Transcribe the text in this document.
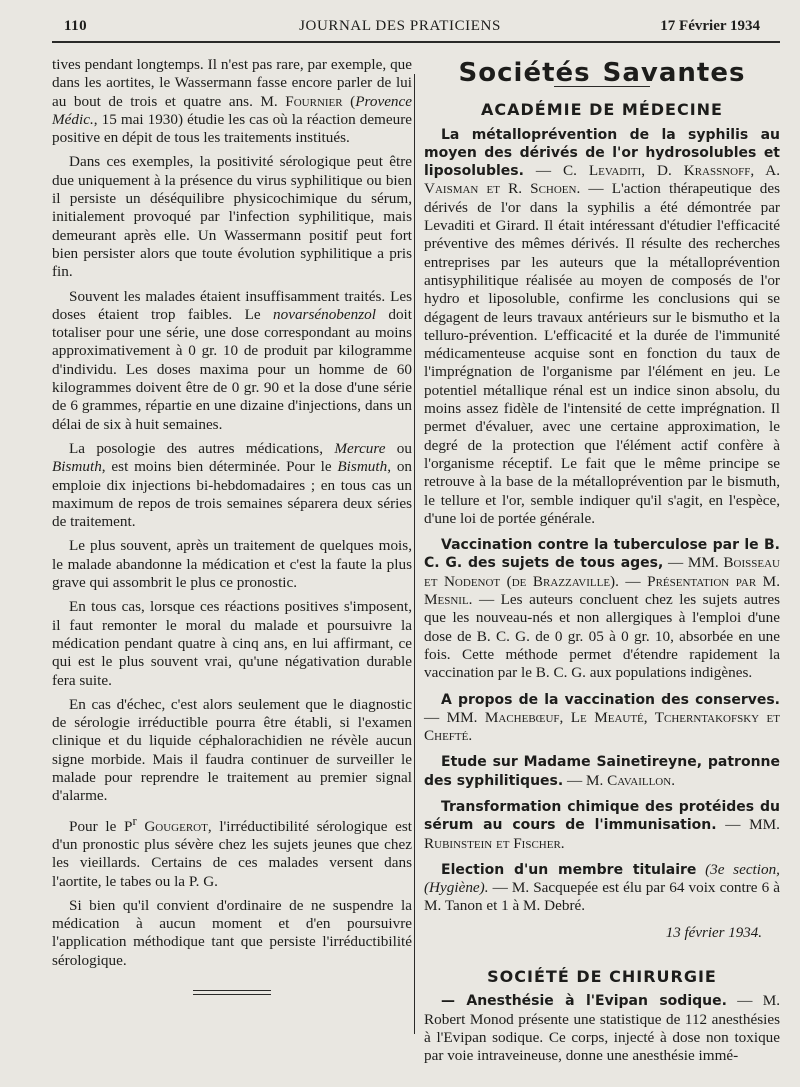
110	JOURNAL DES PRATICIENS	17 Février 1934

tives pendant longtemps. Il n'est pas rare, par exemple, que dans les aortites, le Wassermann fasse encore parler de lui au bout de trois et quatre ans. M. Fournier (Provence Médic., 15 mai 1930) étudie les cas où la réaction demeure positive en dépit de tous les traitements institués.

Dans ces exemples, la positivité sérologique peut être due uniquement à la présence du virus syphilitique ou bien il persiste un déséquilibre physicochimique du sérum, initialement provoqué par l'infection syphilitique, mais demeurant après elle. Un Wassermann positif peut fort bien persister alors que toute évolution syphilitique a pris fin.

Souvent les malades étaient insuffisamment traités. Les doses étaient trop faibles. Le novarsénobenzol doit totaliser pour une série, une dose correspondant au moins approximativement à 0 gr. 10 de produit par kilogramme d'individu. Les doses maxima pour un homme de 60 kilogrammes doivent être de 0 gr. 90 et la dose d'une série de 6 grammes, répartie en une dizaine d'injections, dans un délai de six à huit semaines.

La posologie des autres médications, Mercure ou Bismuth, est moins bien déterminée. Pour le Bismuth, on emploie dix injections bi-hebdomadaires ; en tous cas un maximum de repos de trois semaines séparera deux séries de traitement.

Le plus souvent, après un traitement de quelques mois, le malade abandonne la médication et c'est la faute la plus grave qui assombrit le plus ce pronostic.

En tous cas, lorsque ces réactions positives s'imposent, il faut remonter le moral du malade et poursuivre la médication pendant quatre à cinq ans, en lui affirmant, ce qui est le plus souvent vrai, qu'une négativation durable fera suite.

En cas d'échec, c'est alors seulement que le diagnostic de sérologie irréductible pourra être établi, si l'examen clinique et du liquide céphalorachidien ne révèle aucun signe morbide. Mais il faudra continuer de surveiller le malade pour reprendre le traitement au premier signal d'alarme.

Pour le $P^r$ Gougerot, l'irréductibilité sérologique est d'un pronostic plus sévère chez les sujets jeunes que chez les vieillards. Certains de ces malades versent dans l'aortite, le tabes ou la P. G.

Si bien qu'il convient d'ordinaire de ne suspendre la médication à aucun moment et d'en poursuivre l'application méthodique tant que persiste l'irréductibilité sérologique.

Sociétés Savantes
ACADÉMIE DE MÉDECINE

La métalloprévention de la syphilis au moyen des dérivés de l'or hydrosolubles et liposolubles. — C. Levaditi, D. Krassnoff, A. Vaisman et R. Schoen. — L'action thérapeutique des dérivés de l'or dans la syphilis a été démontrée par Levaditi et Girard. Il était intéressant d'étudier l'efficacité préventive des mêmes dérivés. Il résulte des recherches entreprises par les auteurs que la métalloprévention antisyphilitique réalisée au moyen de composés de l'or hydro et liposoluble, confirme les conclusions qui se dégagent de leurs travaux antérieurs sur le bismutho et la tellurо-prévention. L'efficacité et la durée de l'immunité médicamenteuse acquise sont en fonction du taux de l'imprégnation de l'organisme par l'élément en jeu. Le potentiel métallique rénal est un indice sinon absolu, du moins assez fidèle de l'intensité de cette imprégnation. Il permet d'évaluer, avec une certaine approximation, le degré de la protection que l'élément actif confère à l'organisme réceptif. Le fait que le même principe se retrouve à la base de la métalloprévention par le bismuth, le tellure et l'or, semble indiquer qu'il s'agit, en l'espèce, d'une loi de portée générale.

Vaccination contre la tuberculose par le B. C. G. des sujets de tous ages, — MM. Boisseau et Nodenot (de Brazzaville). — Présentation par M. Mesnil. — Les auteurs concluent chez les sujets autres que les nouveau-nés et non allergiques à l'emploi d'une dose de B. C. G. de 0 gr. 05 à 0 gr. 10, absorbée en une fois. Cette méthode permet d'étendre rapidement la vaccination par le B. C. G. aux populations indigènes.

A propos de la vaccination des conserves. — MM. Machebœuf, Le Meauté, Tcherntakofsky et Chefté.

Etude sur Madame Sainetireyne, patronne des syphilitiques. — M. Cavaillon.

Transformation chimique des protéides du sérum au cours de l'immunisation. — MM. Rubinstein et Fischer.

Election d'un membre titulaire (3e section, (Hygiène). — M. Sacquepée est élu par 64 voix contre 6 à M. Tanon et 1 à M. Debré.

13 février 1934.
SOCIÉTÉ DE CHIRURGIE

— Anesthésie à l'Evipan sodique. — M. Robert Monod présente une statistique de 112 anesthésies à l'Evipan sodique. Ce corps, injecté à dose non toxique par voie intraveineuse, donne une anesthésie immé-
